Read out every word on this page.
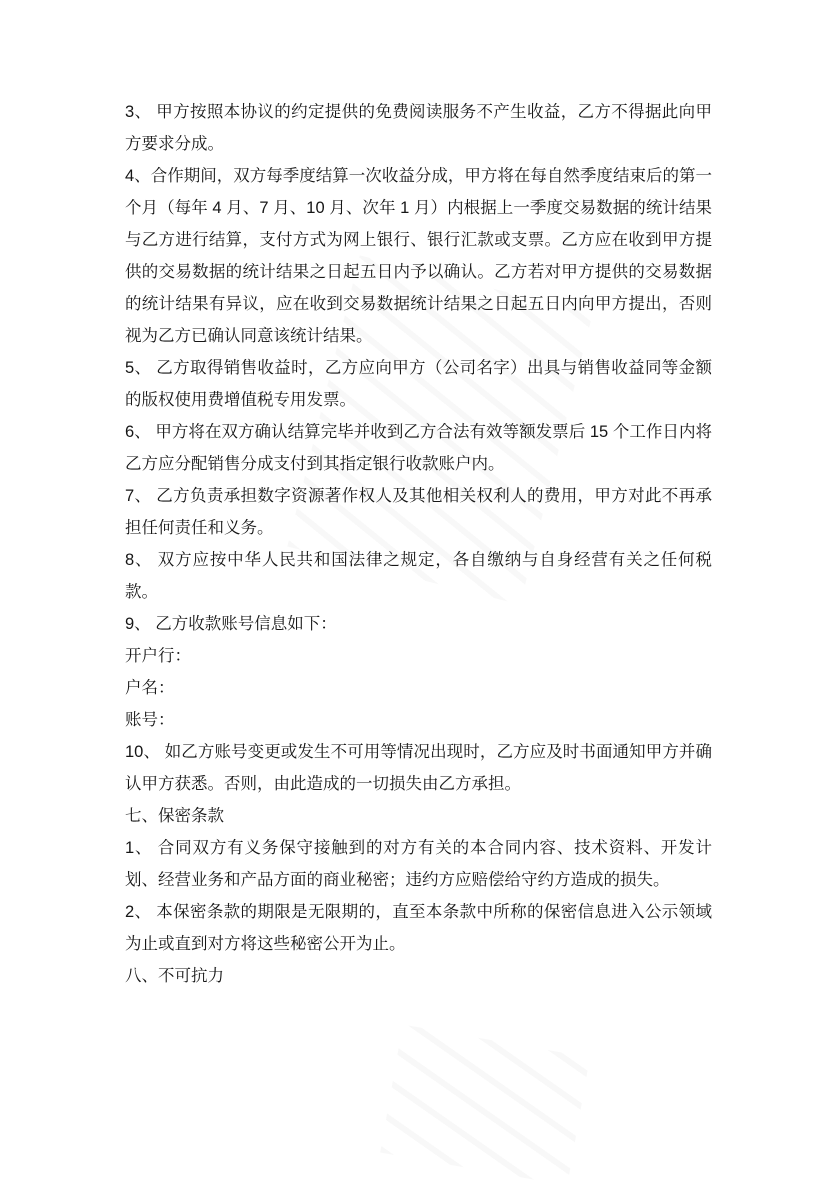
3、 甲方按照本协议的约定提供的免费阅读服务不产生收益，乙方不得据此向甲方要求分成。

4、合作期间，双方每季度结算一次收益分成，甲方将在每自然季度结束后的第一个月（每年 4 月、7 月、10 月、次年 1 月）内根据上一季度交易数据的统计结果与乙方进行结算，支付方式为网上银行、银行汇款或支票。乙方应在收到甲方提供的交易数据的统计结果之日起五日内予以确认。乙方若对甲方提供的交易数据的统计结果有异议，应在收到交易数据统计结果之日起五日内向甲方提出，否则视为乙方已确认同意该统计结果。

5、 乙方取得销售收益时，乙方应向甲方（公司名字）出具与销售收益同等金额的版权使用费增值税专用发票。

6、 甲方将在双方确认结算完毕并收到乙方合法有效等额发票后 15 个工作日内将乙方应分配销售分成支付到其指定银行收款账户内。

7、 乙方负责承担数字资源著作权人及其他相关权利人的费用，甲方对此不再承担任何责任和义务。

8、 双方应按中华人民共和国法律之规定，各自缴纳与自身经营有关之任何税款。

9、 乙方收款账号信息如下：

开户行：

户名：

账号：

10、 如乙方账号变更或发生不可用等情况出现时，乙方应及时书面通知甲方并确认甲方获悉。否则，由此造成的一切损失由乙方承担。

七、保密条款

1、 合同双方有义务保守接触到的对方有关的本合同内容、技术资料、开发计划、经营业务和产品方面的商业秘密；违约方应赔偿给守约方造成的损失。

2、 本保密条款的期限是无限期的，直至本条款中所称的保密信息进入公示领域为止或直到对方将这些秘密公开为止。

八、不可抗力
